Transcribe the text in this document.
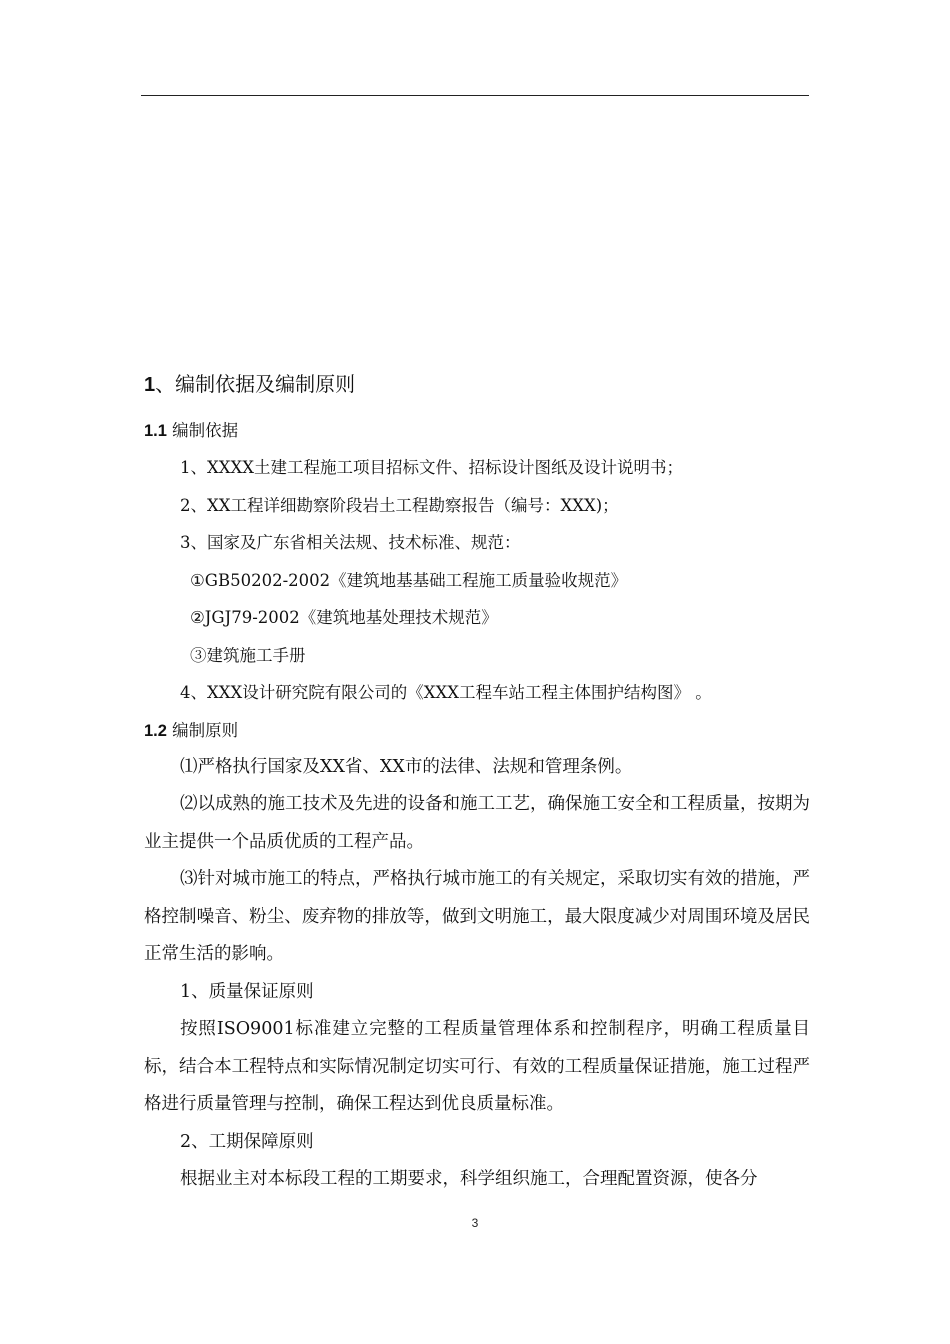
1、编制依据及编制原则
1.1 编制依据

1、XXXX土建工程施工项目招标文件、招标设计图纸及设计说明书；

2、XX工程详细勘察阶段岩土工程勘察报告（编号：XXX)；

3、国家及广东省相关法规、技术标准、规范：

①GB50202-2002《建筑地基基础工程施工质量验收规范》

②JGJ79-2002《建筑地基处理技术规范》

③建筑施工手册

4、XXX设计研究院有限公司的《XXX工程车站工程主体围护结构图》 。

1.2 编制原则

⑴严格执行国家及XX省、XX市的法律、法规和管理条例。

⑵以成熟的施工技术及先进的设备和施工工艺，确保施工安全和工程质量，按期为业主提供一个品质优质的工程产品。

⑶针对城市施工的特点，严格执行城市施工的有关规定，采取切实有效的措施，严格控制噪音、粉尘、废弃物的排放等，做到文明施工，最大限度减少对周围环境及居民正常生活的影响。

1、质量保证原则

按照ISO9001标准建立完整的工程质量管理体系和控制程序，明确工程质量目标，结合本工程特点和实际情况制定切实可行、有效的工程质量保证措施，施工过程严格进行质量管理与控制，确保工程达到优良质量标准。

2、工期保障原则

根据业主对本标段工程的工期要求，科学组织施工，合理配置资源，使各分

3
